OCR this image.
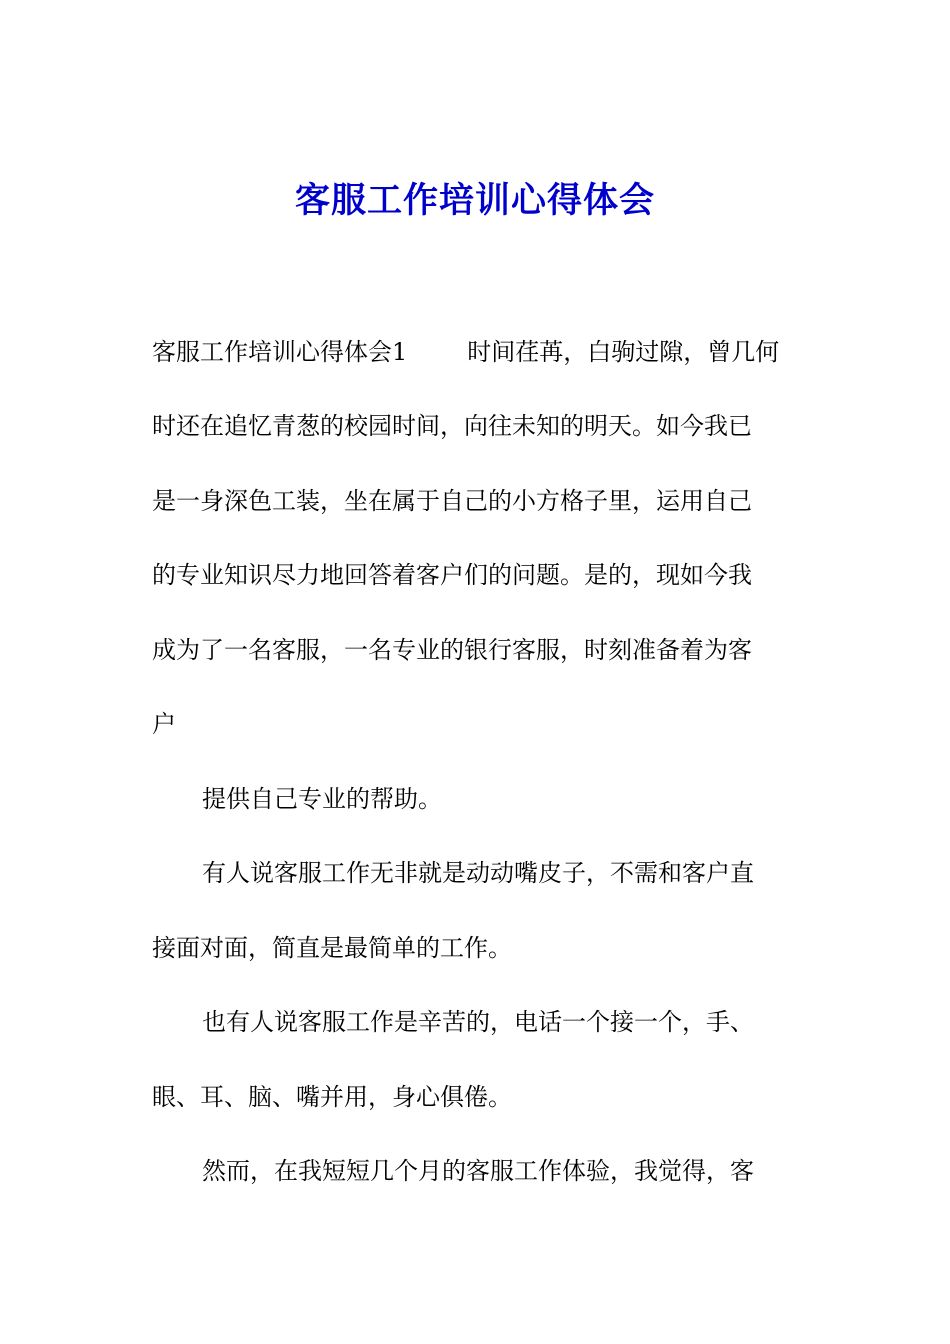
客服工作培训心得体会
客服工作培训心得体会1	时间荏苒，白驹过隙，曾几何
时还在追忆青葱的校园时间，向往未知的明天。如今我已
是一身深色工装，坐在属于自己的小方格子里，运用自己
的专业知识尽力地回答着客户们的问题。是的，现如今我
成为了一名客服，一名专业的银行客服，时刻准备着为客
户
提供自己专业的帮助。
有人说客服工作无非就是动动嘴皮子，不需和客户直
接面对面，简直是最简单的工作。
也有人说客服工作是辛苦的，电话一个接一个，手、
眼、耳、脑、嘴并用，身心俱倦。
然而，在我短短几个月的客服工作体验，我觉得，客
